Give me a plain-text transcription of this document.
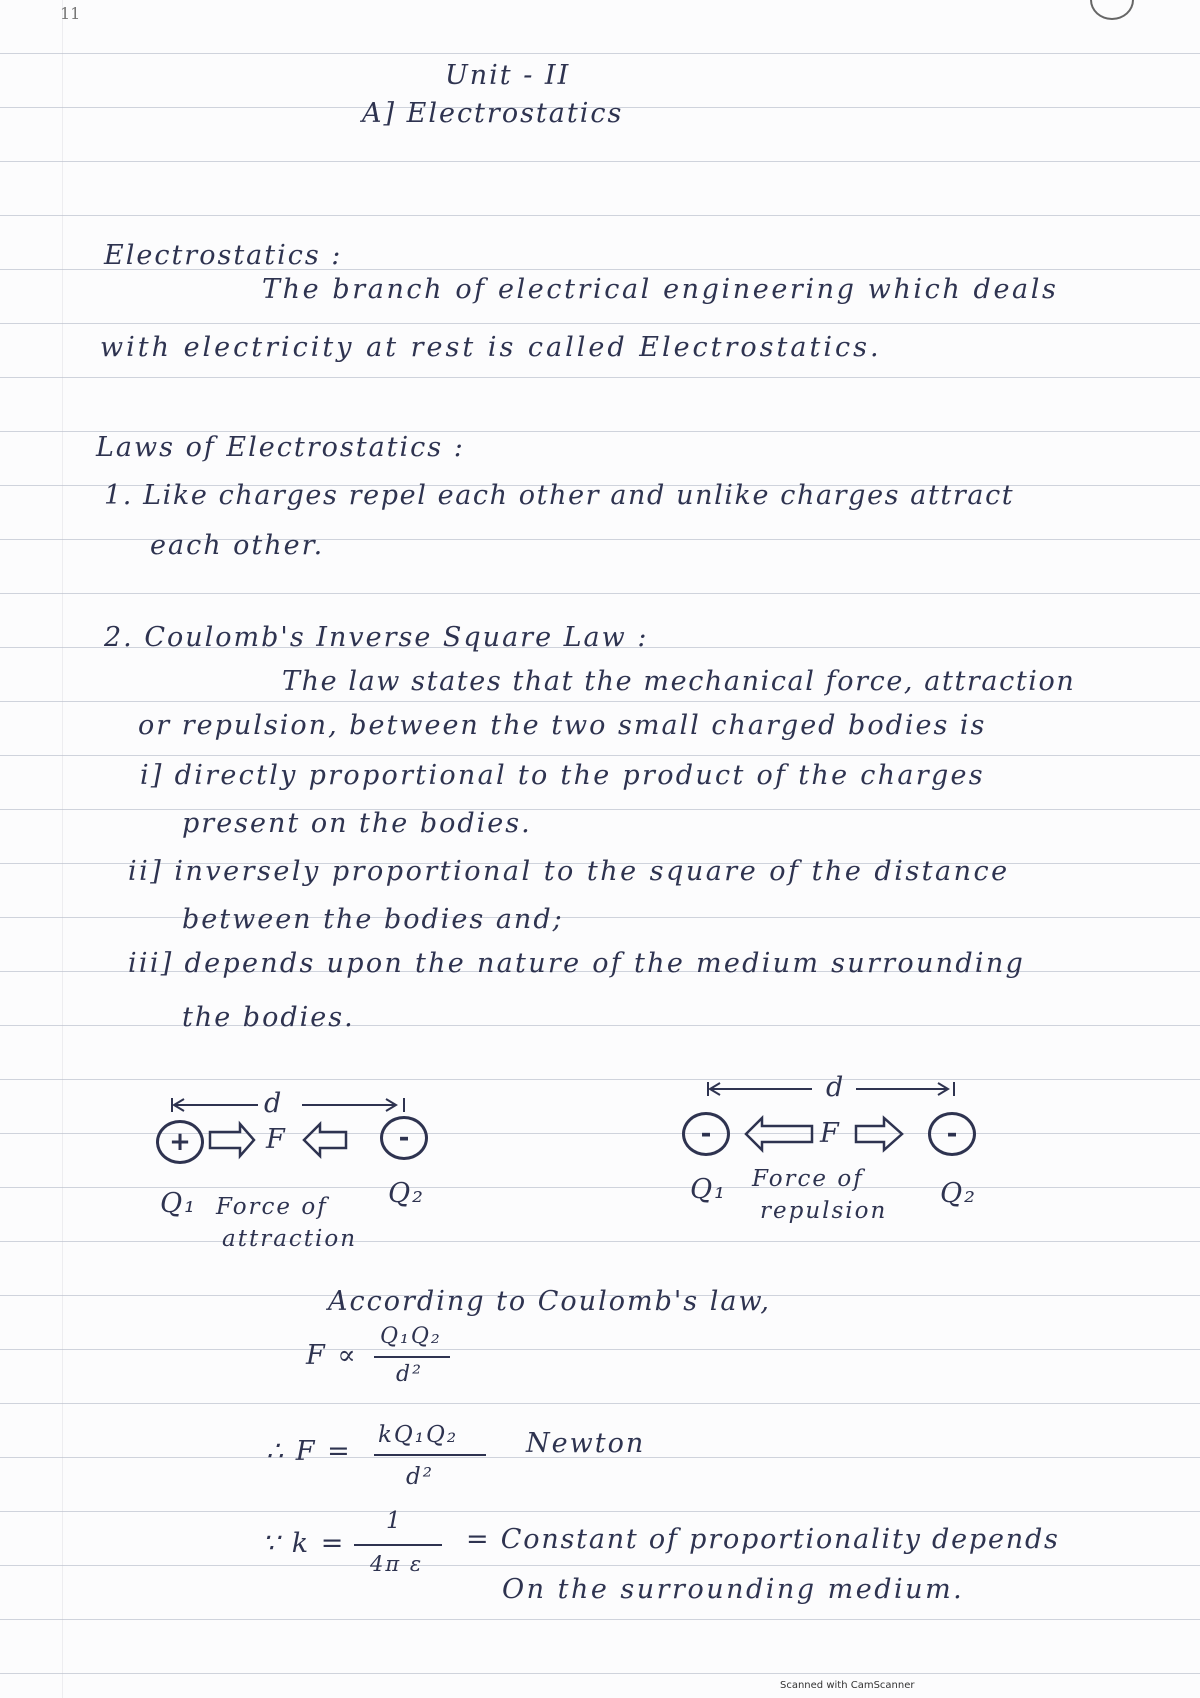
11
Unit - II
A] Electrostatics
Electrostatics :
The branch of electrical engineering which deals
with electricity at rest is called Electrostatics.
Laws of Electrostatics :
1. Like charges repel each other and unlike charges attract
each other.
2. Coulomb's Inverse Square Law :
The law states that the mechanical force, attraction
or repulsion, between the two small charged bodies is
i] directly proportional to the product of the charges
present on the bodies.
ii] inversely proportional to the square of the distance
between the bodies and;
iii] depends upon the nature of the medium surrounding
the bodies.
d
+	F	-
Q₁	Q₂
Force of
attraction
d
-	F	-
Q₁	Q₂
Force of
repulsion
According to Coulomb's law,
F ∝
Q₁Q₂
d²
∴ F =
kQ₁Q₂
d²
Newton
∵ k =
1
4π ε
= Constant of proportionality depends
On the surrounding medium.
Scanned with CamScanner
